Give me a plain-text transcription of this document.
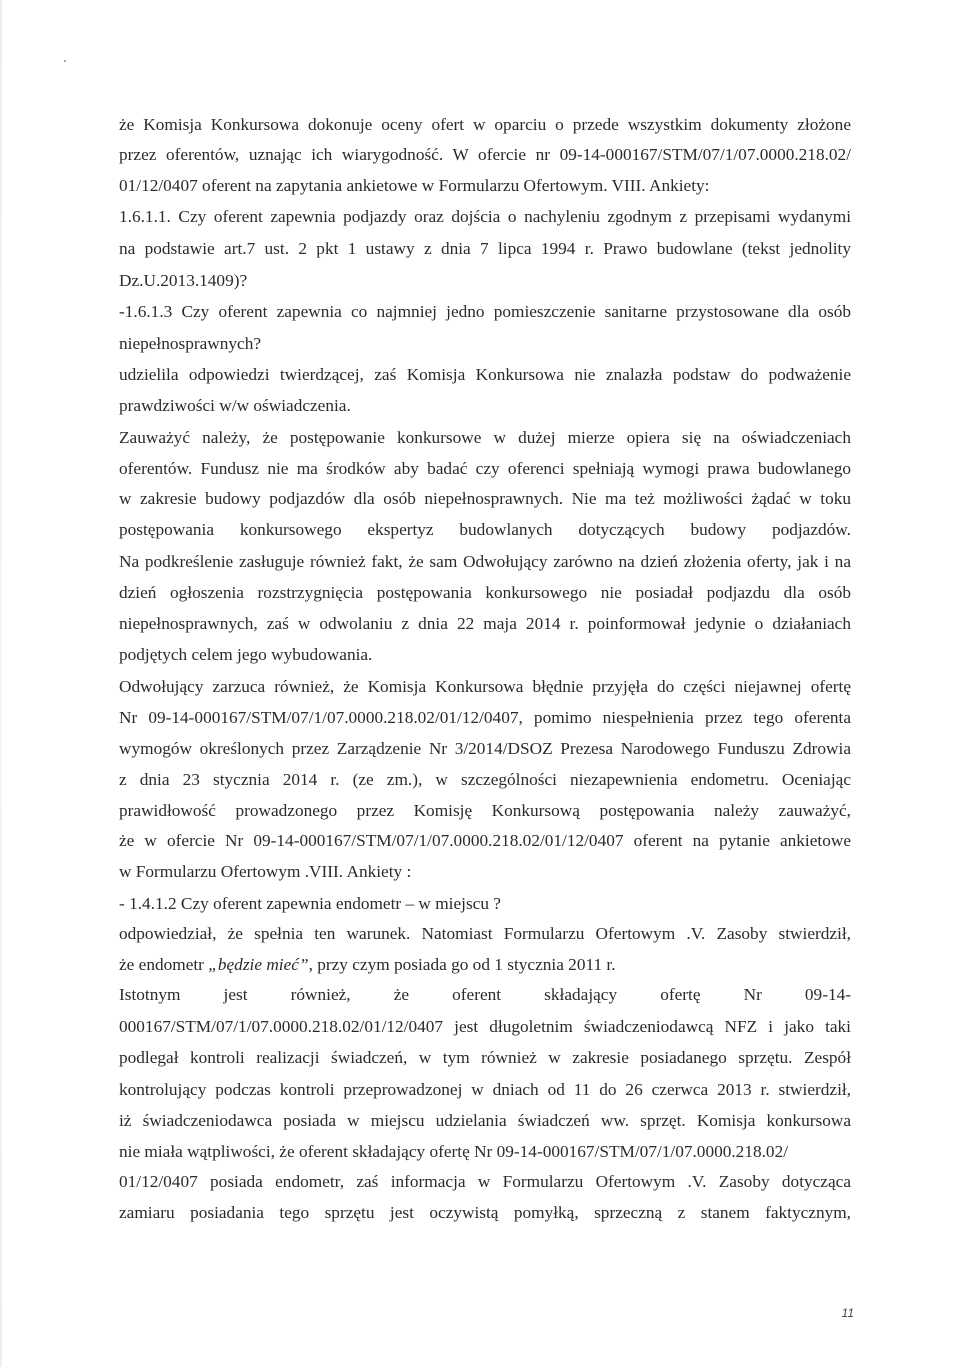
że Komisja Konkursowa dokonuje oceny ofert w oparciu o przede wszystkim dokumenty złożone
przez oferentów, uznając ich wiarygodność. W ofercie nr 09-14-000167/STM/07/1/07.0000.218.02/
01/12/0407 oferent na zapytania ankietowe w Formularzu Ofertowym. VIII. Ankiety:
1.6.1.1. Czy oferent zapewnia podjazdy oraz dojścia o nachyleniu zgodnym z przepisami wydanymi
na podstawie art.7 ust. 2 pkt 1 ustawy z dnia 7 lipca 1994 r. Prawo budowlane (tekst jednolity
Dz.U.2013.1409)?
-1.6.1.3 Czy oferent zapewnia co najmniej jedno pomieszczenie sanitarne przystosowane dla osób
niepełnosprawnych?
udzielila odpowiedzi twierdzącej, zaś Komisja Konkursowa nie znalazła podstaw do podważenie
prawdziwości w/w oświadczenia.
Zauważyć należy, że postępowanie konkursowe w dużej mierze opiera się na oświadczeniach
oferentów. Fundusz nie ma środków aby badać czy oferenci spełniają wymogi prawa budowlanego
w zakresie budowy podjazdów dla osób niepełnosprawnych. Nie ma też możliwości żądać w toku
postępowania konkursowego ekspertyz budowlanych dotyczących budowy podjazdów.
Na podkreślenie zasługuje również fakt, że sam Odwołujący zarówno na dzień złożenia oferty, jak i na
dzień ogłoszenia rozstrzygnięcia postępowania konkursowego nie posiadał podjazdu dla osób
niepełnosprawnych, zaś w odwolaniu z dnia 22 maja 2014 r. poinformował jedynie o działaniach
podjętych celem jego wybudowania.
Odwołujący zarzuca również, że Komisja Konkursowa błędnie przyjęła do części niejawnej ofertę
Nr 09-14-000167/STM/07/1/07.0000.218.02/01/12/0407, pomimo niespełnienia przez tego oferenta
wymogów określonych przez Zarządzenie Nr 3/2014/DSOZ Prezesa Narodowego Funduszu Zdrowia
z dnia 23 stycznia 2014 r. (ze zm.), w szczególności niezapewnienia endometru. Oceniając
prawidłowość prowadzonego przez Komisję Konkursową postępowania należy zauważyć,
że w ofercie Nr 09-14-000167/STM/07/1/07.0000.218.02/01/12/0407 oferent na pytanie ankietowe
w Formularzu Ofertowym .VIII. Ankiety :
- 1.4.1.2 Czy oferent zapewnia endometr – w miejscu ?
odpowiedział, że spełnia ten warunek. Natomiast Formularzu Ofertowym .V. Zasoby stwierdził,
że endometr „będzie mieć”, przy czym posiada go od 1 stycznia 2011 r.
Istotnym jest również, że oferent składający ofertę Nr 09-14-
000167/STM/07/1/07.0000.218.02/01/12/0407 jest długoletnim świadczeniodawcą NFZ i jako taki
podlegał kontroli realizacji świadczeń, w tym również w zakresie posiadanego sprzętu. Zespół
kontrolujący podczas kontroli przeprowadzonej w dniach od 11 do 26 czerwca 2013 r. stwierdził,
iż świadczeniodawca posiada w miejscu udzielania świadczeń ww. sprzęt. Komisja konkursowa
nie miała wątpliwości, że oferent składający ofertę Nr 09-14-000167/STM/07/1/07.0000.218.02/
01/12/0407 posiada endometr, zaś informacja w Formularzu Ofertowym .V. Zasoby dotycząca
zamiaru posiadania tego sprzętu jest oczywistą pomyłką, sprzeczną z stanem faktycznym,
11
